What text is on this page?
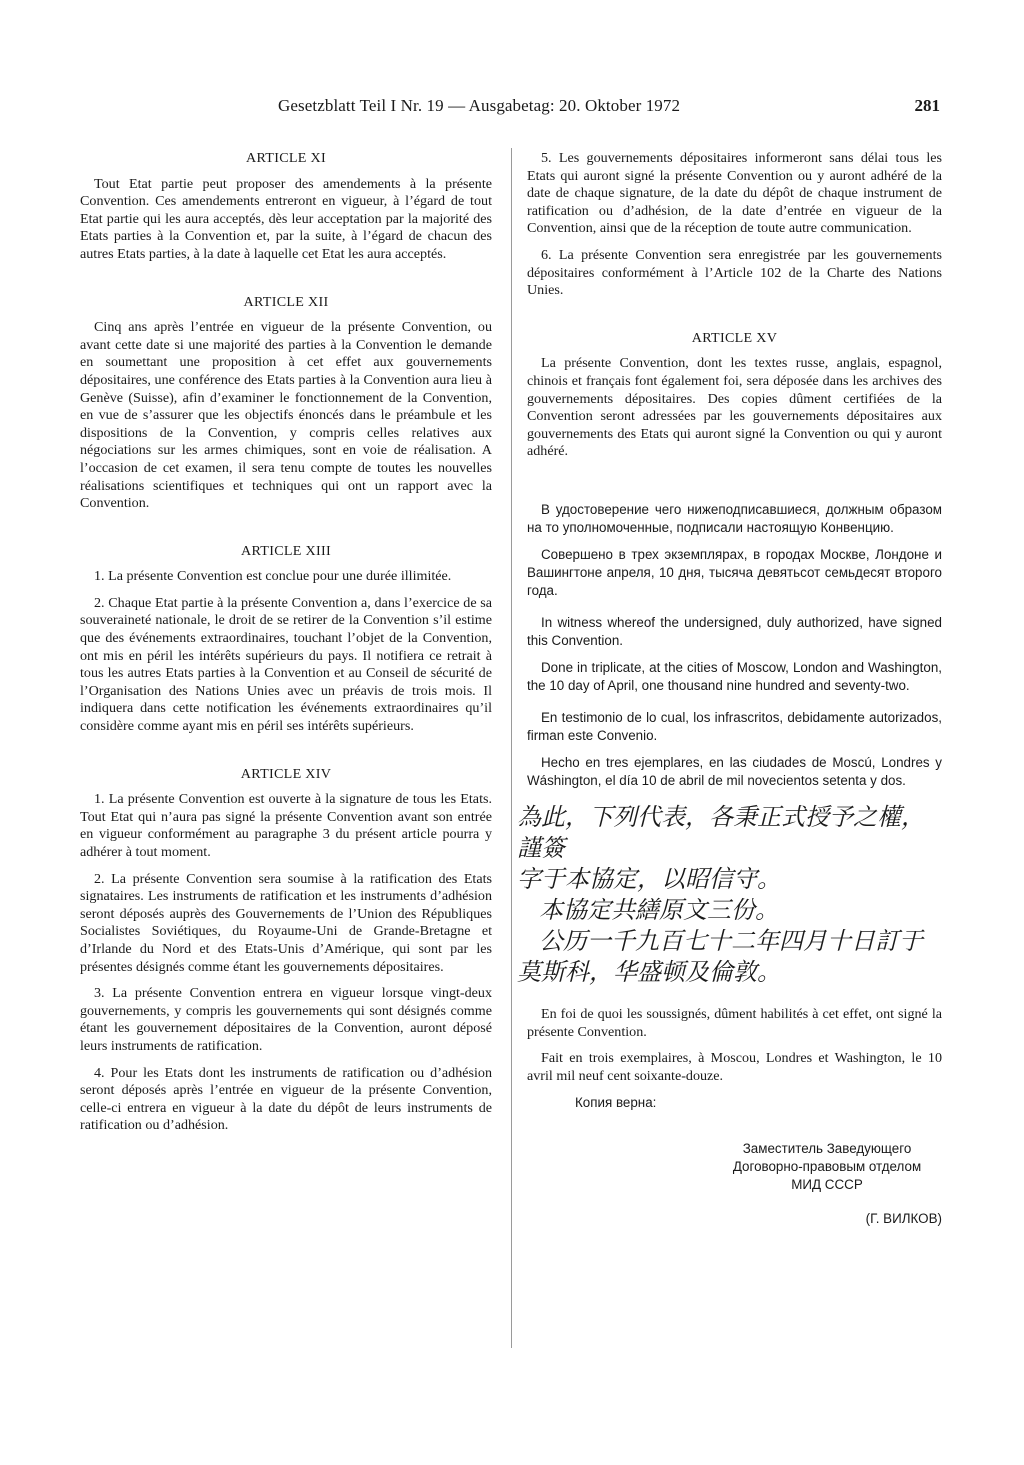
Gesetzblatt Teil I Nr. 19 — Ausgabetag: 20. Oktober 1972	281
ARTICLE XI

Tout Etat partie peut proposer des amendements à la présente Convention. Ces amendements entreront en vigueur, à l’égard de tout Etat partie qui les aura acceptés, dès leur acceptation par la majorité des Etats parties à la Convention et, par la suite, à l’égard de chacun des autres Etats parties, à la date à laquelle cet Etat les aura acceptés.

ARTICLE XII

Cinq ans après l’entrée en vigueur de la présente Convention, ou avant cette date si une majorité des parties à la Convention le demande en soumettant une proposition à cet effet aux gouvernements dépositaires, une conférence des Etats parties à la Convention aura lieu à Genève (Suisse), afin d’examiner le fonctionnement de la Convention, en vue de s’assurer que les objectifs énoncés dans le préambule et les dispositions de la Convention, y compris celles relatives aux négociations sur les armes chimiques, sont en voie de réalisation. A l’occasion de cet examen, il sera tenu compte de toutes les nouvelles réalisations scientifiques et techniques qui ont un rapport avec la Convention.

ARTICLE XIII

1. La présente Convention est conclue pour une durée illimitée.

2. Chaque Etat partie à la présente Convention a, dans l’exercice de sa souveraineté nationale, le droit de se retirer de la Convention s’il estime que des événements extraordinaires, touchant l’objet de la Convention, ont mis en péril les intérêts supérieurs du pays. Il notifiera ce retrait à tous les autres Etats parties à la Convention et au Conseil de sécurité de l’Organisation des Nations Unies avec un préavis de trois mois. Il indiquera dans cette notification les événements extraordinaires qu’il considère comme ayant mis en péril ses intérêts supérieurs.

ARTICLE XIV

1. La présente Convention est ouverte à la signature de tous les Etats. Tout Etat qui n’aura pas signé la présente Convention avant son entrée en vigueur conformément au paragraphe 3 du présent article pourra y adhérer à tout moment.

2. La présente Convention sera soumise à la ratification des Etats signataires. Les instruments de ratification et les instruments d’adhésion seront déposés auprès des Gouvernements de l’Union des Républiques Socialistes Soviétiques, du Royaume-Uni de Grande-Bretagne et d’Irlande du Nord et des Etats-Unis d’Amérique, qui sont par les présentes désignés comme étant les gouvernements dépositaires.

3. La présente Convention entrera en vigueur lorsque vingt-deux gouvernements, y compris les gouvernements qui sont désignés comme étant les gouvernement dépositaires de la Convention, auront déposé leurs instruments de ratification.

4. Pour les Etats dont les instruments de ratification ou d’adhésion seront déposés après l’entrée en vigueur de la présente Convention, celle-ci entrera en vigueur à la date du dépôt de leurs instruments de ratification ou d’adhésion.

5. Les gouvernements dépositaires informeront sans délai tous les Etats qui auront signé la présente Convention ou y auront adhéré de la date de chaque signature, de la date du dépôt de chaque instrument de ratification ou d’adhésion, de la date d’entrée en vigueur de la Convention, ainsi que de la réception de toute autre communication.

6. La présente Convention sera enregistrée par les gouvernements dépositaires conformément à l’Article 102 de la Charte des Nations Unies.

ARTICLE XV

La présente Convention, dont les textes russe, anglais, espagnol, chinois et français font également foi, sera déposée dans les archives des gouvernements dépositaires. Des copies dûment certifiées de la Convention seront adressées par les gouvernements dépositaires aux gouvernements des Etats qui auront signé la Convention ou qui y auront adhéré.

В удостоверение чего нижеподписавшиеся, должным образом на то уполномоченные, подписали настоящую Конвенцию.

Совершено в трех экземплярах, в городах Москве, Лондоне и Вашингтоне апреля, 10 дня, тысяча девятьсот семьдесят второго года.

In witness whereof the undersigned, duly authorized, have signed this Convention.

Done in triplicate, at the cities of Moscow, London and Washington, the 10 day of April, one thousand nine hundred and seventy-two.

En testimonio de lo cual, los infrascritos, debidamente autorizados, firman este Convenio.

Hecho en tres ejemplares, en las ciudades de Moscú, Londres y Wáshington, el día 10 de abril de mil novecientos setenta y dos.

為此，下列代表，各秉正式授予之權，謹簽
字于本協定，以昭信守。
本協定共繕原文三份。
公历一千九百七十二年四月十日訂于
莫斯科，华盛顿及倫敦。

En foi de quoi les soussignés, dûment habilités à cet effet, ont signé la présente Convention.

Fait en trois exemplaires, à Moscou, Londres et Washington, le 10 avril mil neuf cent soixante-douze.

Копия верна:
Заместитель Заведующего
Договорно-правовым отделом
МИД СССР
(Г. ВИЛКОВ)
